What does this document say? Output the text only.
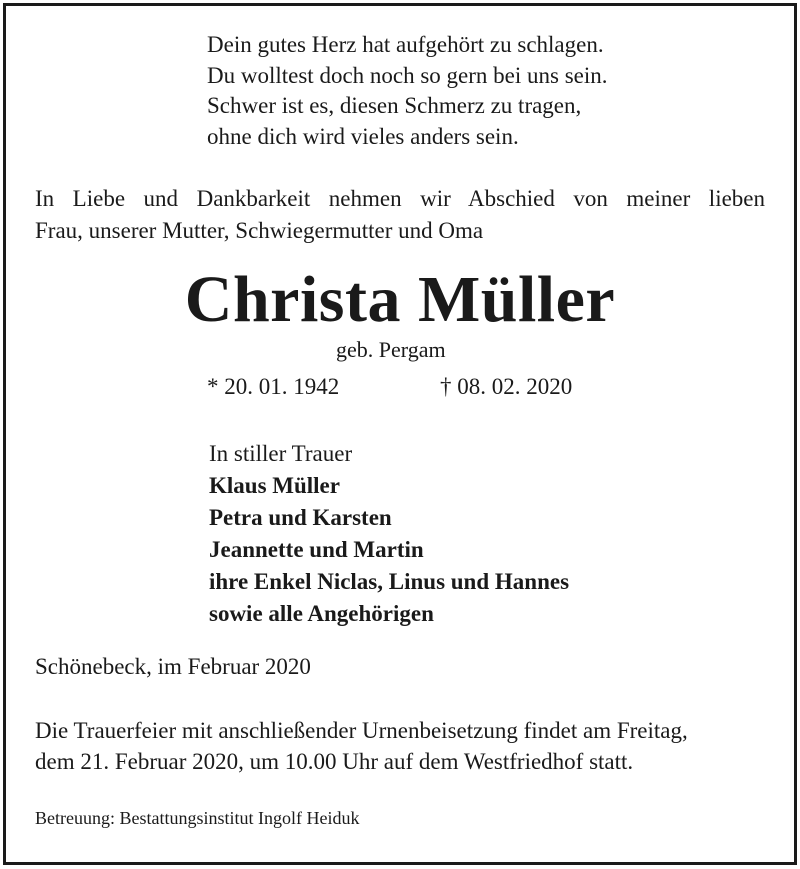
Dein gutes Herz hat aufgehört zu schlagen.
Du wolltest doch noch so gern bei uns sein.
Schwer ist es, diesen Schmerz zu tragen,
ohne dich wird vieles anders sein.
In Liebe und Dankbarkeit nehmen wir Abschied von meiner lieben
Frau, unserer Mutter, Schwiegermutter und Oma
Christa Müller
geb. Pergam
* 20. 01. 1942	† 08. 02. 2020
In stiller Trauer
Klaus Müller
Petra und Karsten
Jeannette und Martin
ihre Enkel Niclas, Linus und Hannes
sowie alle Angehörigen
Schönebeck, im Februar 2020
Die Trauerfeier mit anschließender Urnenbeisetzung findet am Freitag,
dem 21. Februar 2020, um 10.00 Uhr auf dem Westfriedhof statt.
Betreuung: Bestattungsinstitut Ingolf Heiduk
